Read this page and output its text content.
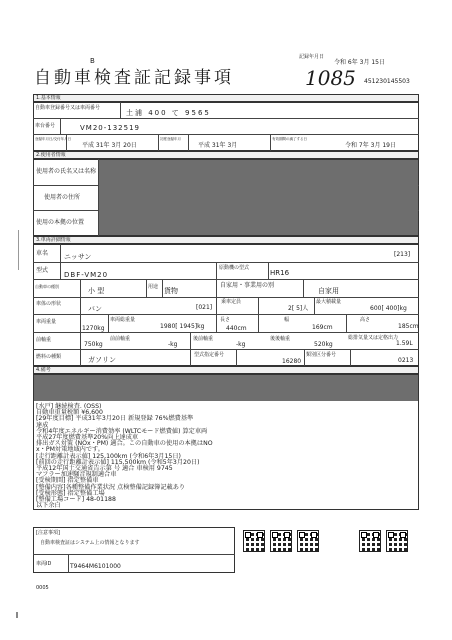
B
自動車検査証記録事項
記録年月日
令和 6年 3月 15日
1085 451230145503
1.基本情報
自動車登録番号又は車両番号
土浦 400 て 9565
車台番号	VM20-132519
登録年月日/交付年月日
平成 31年 3月 20日
初度登録年月
平成 31年 3月
有効期間の満了する日
令和 7年 3月 19日
2.使用者情報
使用者の氏名又は名称
使用者の住所
使用の本拠の位置
3.車両詳細情報
車名 ニッサン	[213]
型式
DBF-VM20
原動機の型式
HR16
自動車の種別
小 型	用途 貨物
自家用・事業用の別
自家用
車体の形状
バン	[021]
乗車定員
2[ 5]人
最大積載量
600[ 400]kg
車両重量
1270kg
車両総重量
1980[ 1945]kg
長さ
440cm
幅
169cm
高さ
185cm
前軸重
750kg
前前軸重
-kg
後前軸重
-kg
後後軸重
520kg
総排気量又は定格出力
1.59L
燃料の種類	ガソリン
型式指定番号
16280
類別区分番号
0213
4.備考
[水戸] 継続検査. (OSS)
自動車重量税額 ¥6,600
[29年度目標] 平成31年3月20日 新規登録 76%燃費基準
達成
令和4年度エネルギー消費効率 (WLTCモード燃費値) 算定車両
平成27年度燃費基準20%向上達成車
排出ガス対策 (NOx・PM) 適合。この自動車の使用の本拠はNO
x・PM対策地域内です。
[走行距離計表示値] 125,100km (令和6年3月15日)
[前回の走行距離計表示値] 115,500km (令和5年3月20日)
平成12年国土交通省告示第 号 適合 車検用 9745
マフラー加速騒音規制適合車
[受検期間] 指定整備車
[整備内容]各種整備作業状況 点検整備記録簿記載あり
[受検形態] 指定整備工場
[整備工場コード] 48-01188
以下余白
[注意事項]
自動車検査証はシステム上の情報となります
車両ID	T9464M6101000
0005
